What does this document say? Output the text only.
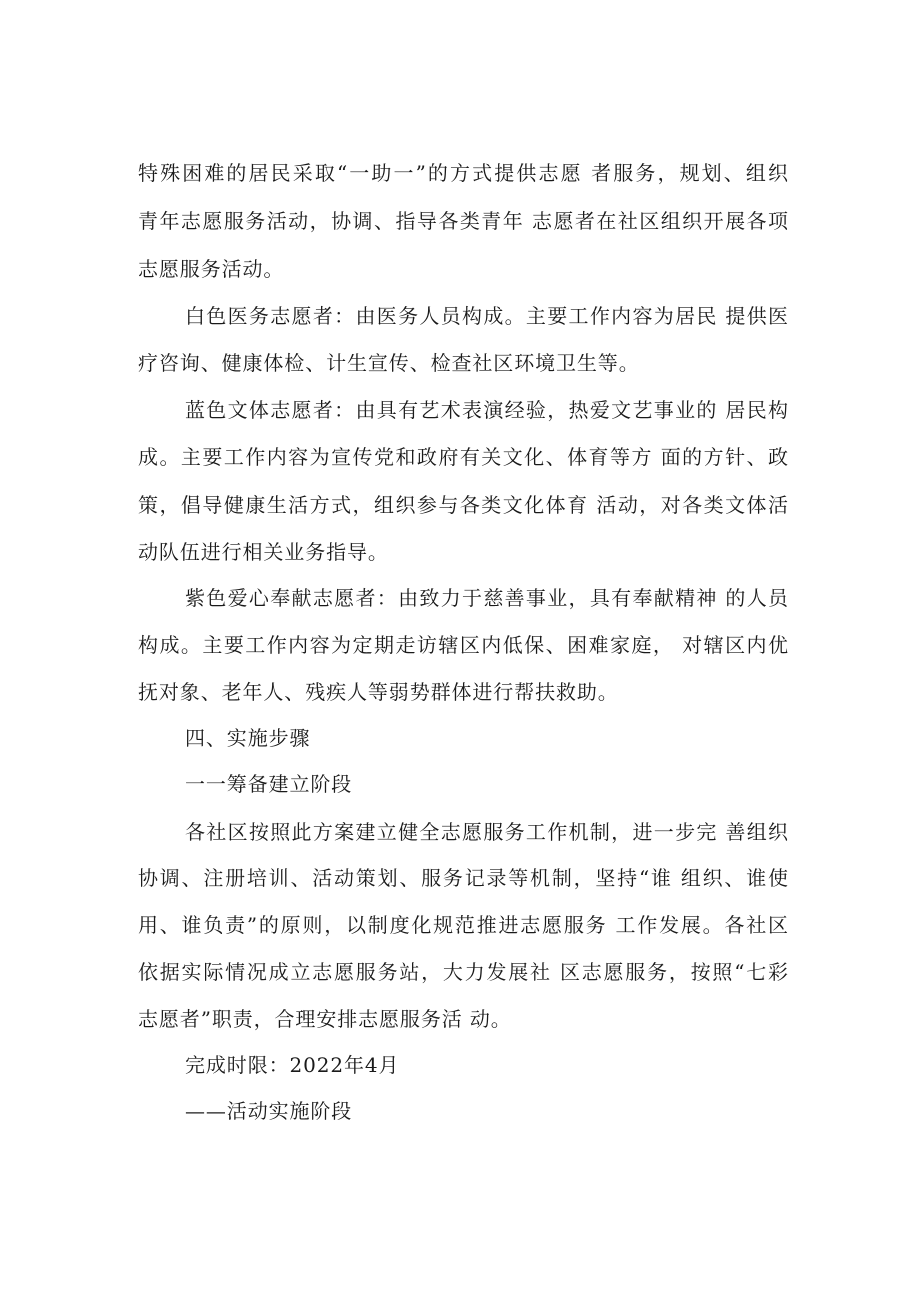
特殊困难的居民采取“一助一”的方式提供志愿 者服务，规划、组织
青年志愿服务活动，协调、指导各类青年 志愿者在社区组织开展各项
志愿服务活动。
白色医务志愿者：由医务人员构成。主要工作内容为居民 提供医
疗咨询、健康体检、计生宣传、检查社区环境卫生等。
蓝色文体志愿者：由具有艺术表演经验，热爱文艺事业的 居民构
成。主要工作内容为宣传党和政府有关文化、体育等方 面的方针、政
策，倡导健康生活方式，组织参与各类文化体育 活动，对各类文体活
动队伍进行相关业务指导。
紫色爱心奉献志愿者：由致力于慈善事业，具有奉献精神 的人员
构成。主要工作内容为定期走访辖区内低保、困难家庭， 对辖区内优
抚对象、老年人、残疾人等弱势群体进行帮扶救助。
四、实施步骤
一一筹备建立阶段
各社区按照此方案建立健全志愿服务工作机制，进一步完 善组织
协调、注册培训、活动策划、服务记录等机制，坚持“谁 组织、谁使
用、谁负责”的原则，以制度化规范推进志愿服务 工作发展。各社区
依据实际情况成立志愿服务站，大力发展社 区志愿服务，按照“七彩
志愿者”职责，合理安排志愿服务活 动。
完成时限：2022年4月
——活动实施阶段
